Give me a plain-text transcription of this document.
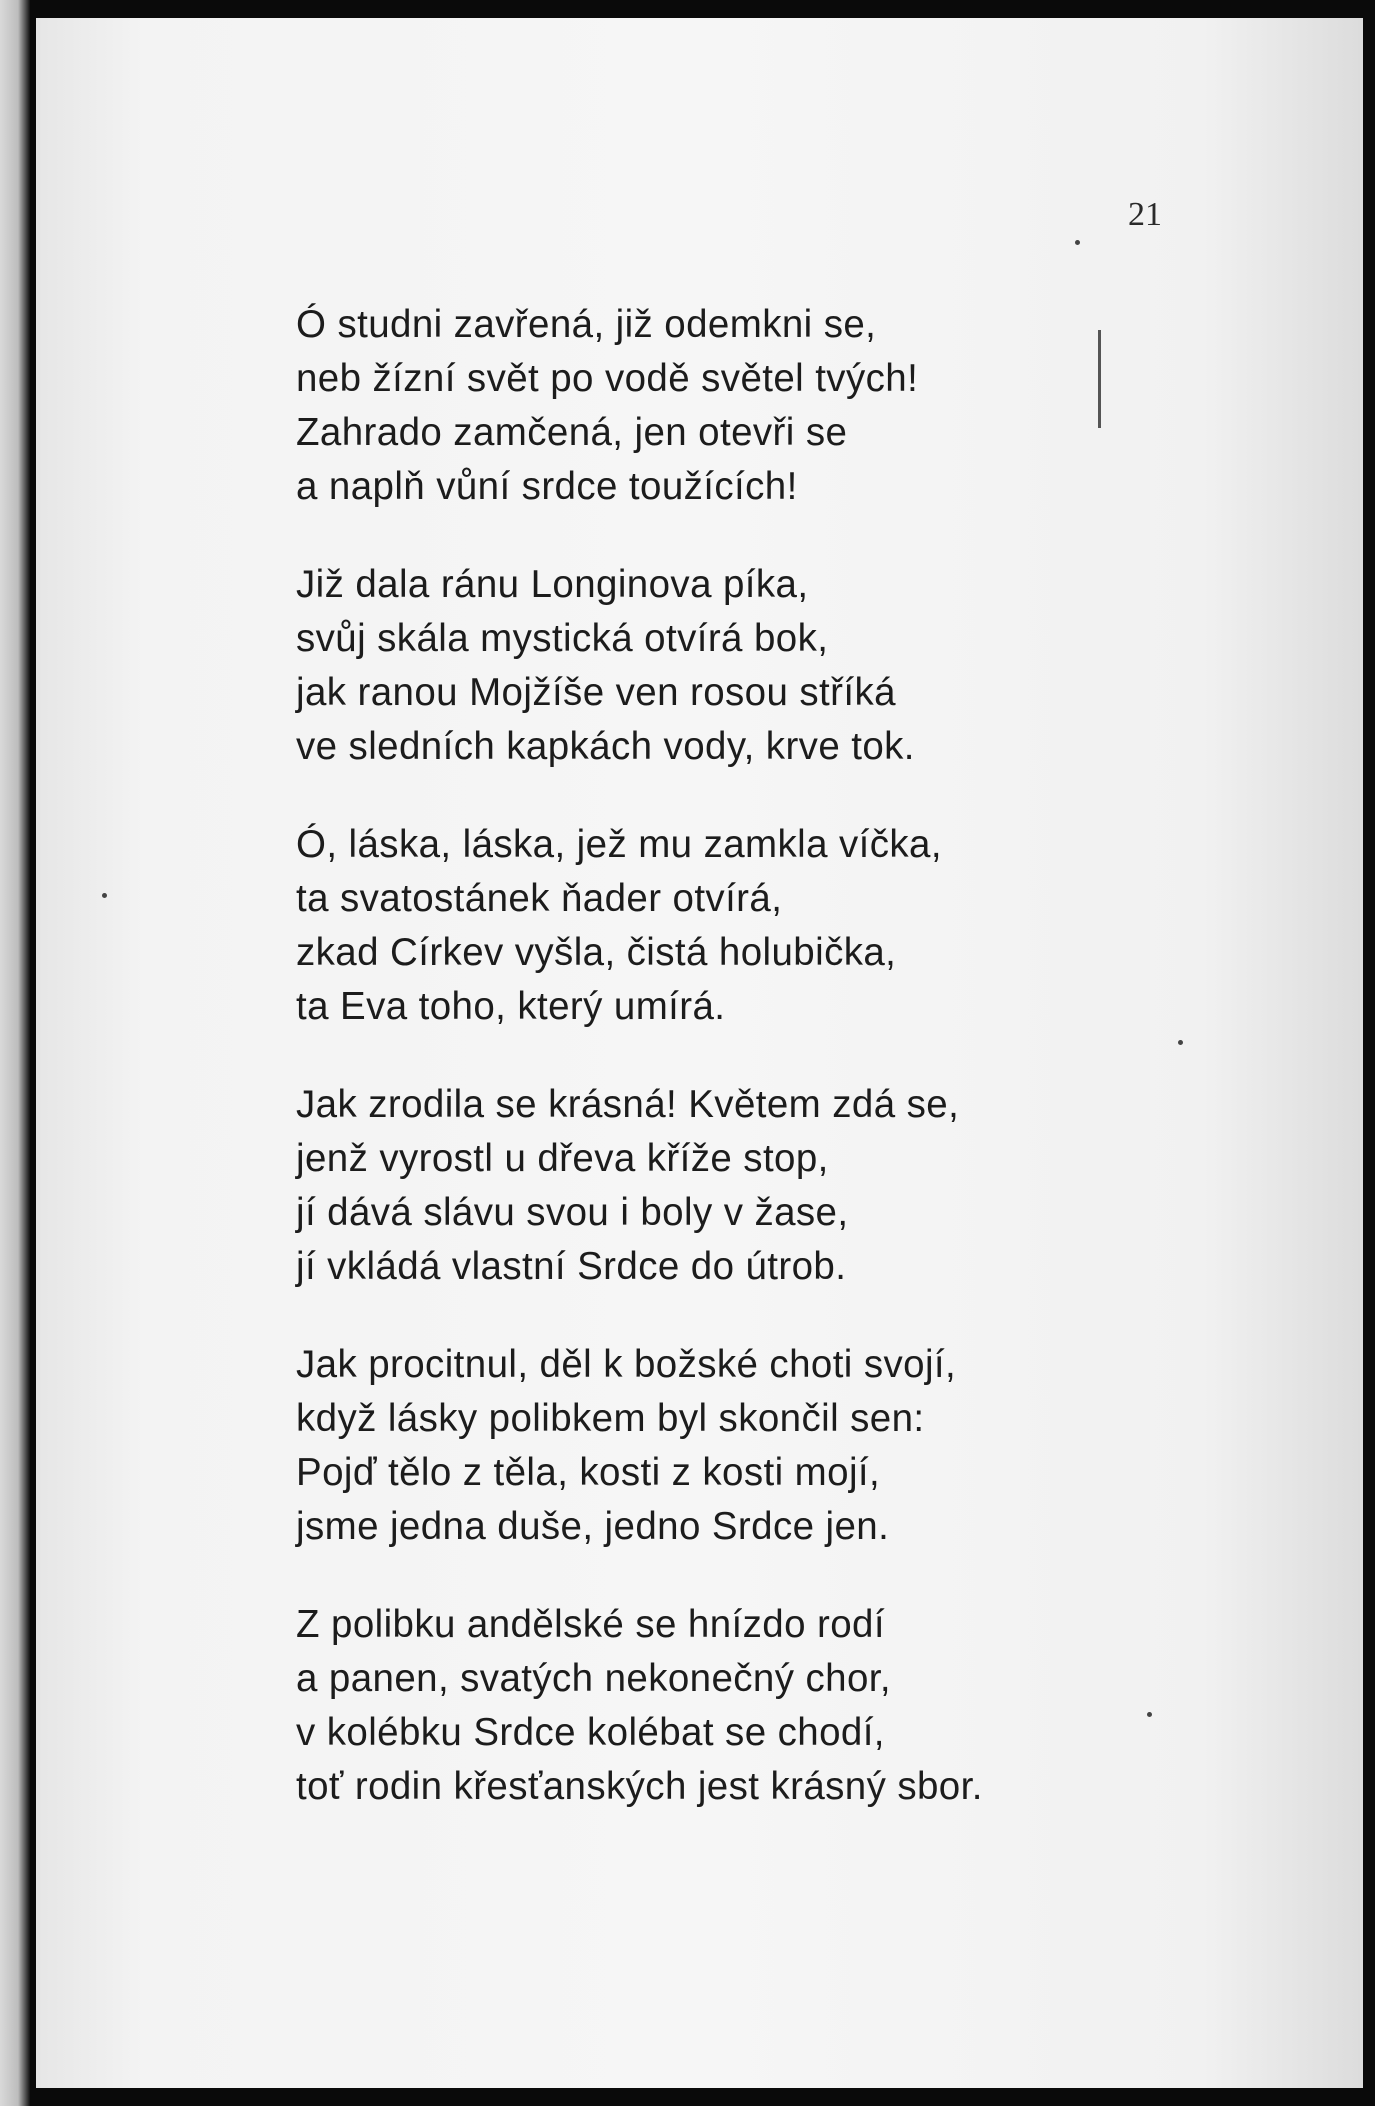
21
Ó studni zavřená, již odemkni se,
neb žízní svět po vodě světel tvých!
Zahrado zamčená, jen otevři se
a naplň vůní srdce toužících!
Již dala ránu Longinova píka,
svůj skála mystická otvírá bok,
jak ranou Mojžíše ven rosou stříká
ve sledních kapkách vody, krve tok.
Ó, láska, láska, jež mu zamkla víčka,
ta svatostánek ňader otvírá,
zkad Církev vyšla, čistá holubička,
ta Eva toho, který umírá.
Jak zrodila se krásná! Květem zdá se,
jenž vyrostl u dřeva kříže stop,
jí dává slávu svou i boly v žase,
jí vkládá vlastní Srdce do útrob.
Jak procitnul, děl k božské choti svojí,
když lásky polibkem byl skončil sen:
Pojď tělo z těla, kosti z kosti mojí,
jsme jedna duše, jedno Srdce jen.
Z polibku andělské se hnízdo rodí
a panen, svatých nekonečný chor,
v kolébku Srdce kolébat se chodí,
toť rodin křesťanských jest krásný sbor.
